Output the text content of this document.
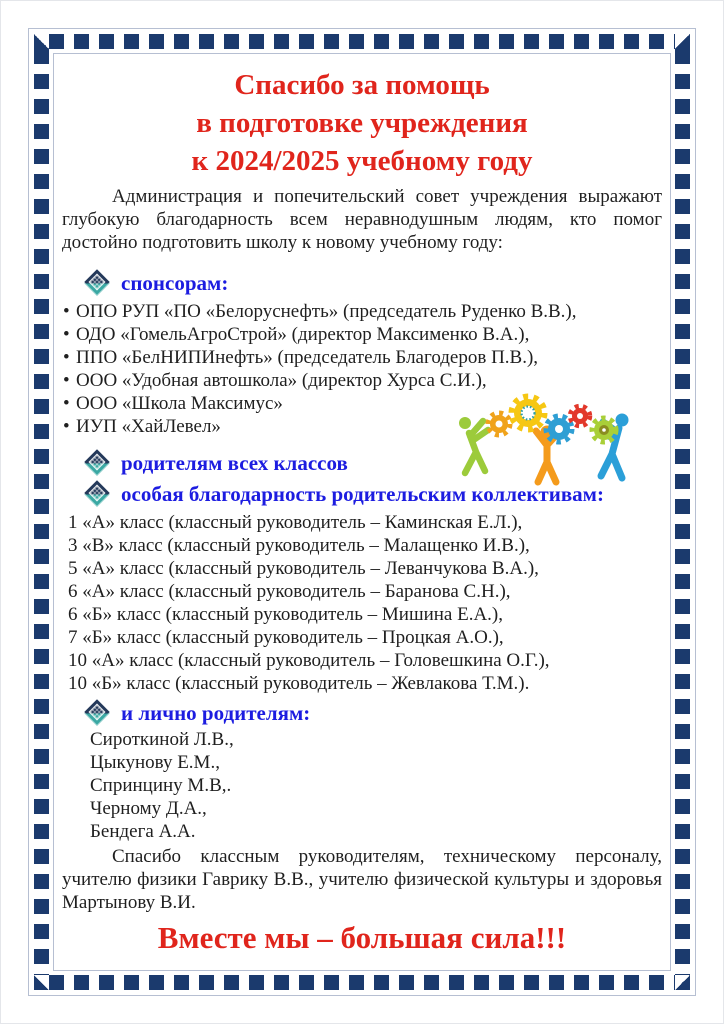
Спасибо за помощь
в подготовке учреждения
к 2024/2025 учебному году

Администрация и попечительский совет учреждения выражают глубокую благодарность всем неравнодушным людям, кто помог достойно подготовить школу к новому учебному году:

спонсорам:
• ОПО РУП «ПО «Белоруснефть» (председатель Руденко В.В.),
• ОДО «ГомельАгроСтрой» (директор Максименко В.А.),
• ППО «БелНИПИнефть» (председатель Благодеров П.В.),
• ООО «Удобная автошкола» (директор Хурса С.И.),
• ООО «Школа Максимус»
• ИУП «ХайЛевел»
родителям всех классов
особая благодарность родительским коллективам:
1 «А» класс (классный руководитель – Каминская Е.Л.),
3 «В» класс (классный руководитель – Малащенко И.В.),
5 «А» класс (классный руководитель – Леванчукова В.А.),
6 «А» класс (классный руководитель – Баранова С.Н.),
6 «Б» класс (классный руководитель – Мишина Е.А.),
7 «Б» класс (классный руководитель – Процкая А.О.),
10 «А» класс (классный руководитель – Головешкина О.Г.),
10 «Б» класс (классный руководитель – Жевлакова Т.М.).
и лично родителям:
Сироткиной Л.В.,
Цыкунову Е.М.,
Спринцину М.В,.
Черному Д.А.,
Бендега А.А.

Спасибо классным руководителям, техническому персоналу, учителю физики Гаврику В.В., учителю физической культуры и здоровья Мартынову В.И.

Вместе мы – большая сила!!!
